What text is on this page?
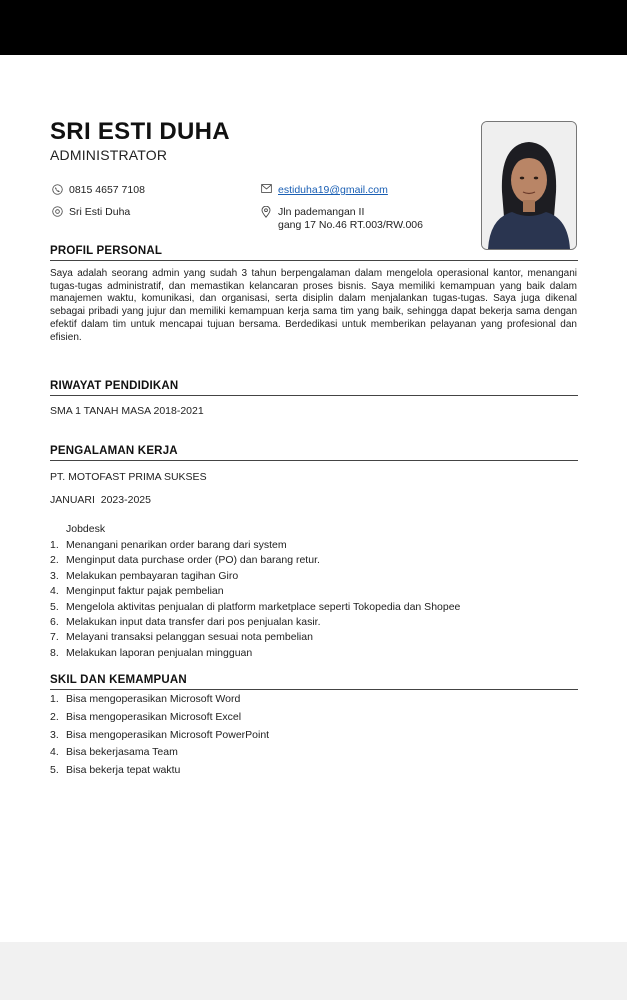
SRI ESTI DUHA
ADMINISTRATOR
0815 4657 7108
Sri Esti Duha
estiduha19@gmail.com
Jln pademangan II
gang 17 No.46 RT.003/RW.006
PROFIL PERSONAL
Saya adalah seorang admin yang sudah 3 tahun berpengalaman dalam mengelola operasional kantor, menangani tugas-tugas administratif, dan memastikan kelancaran proses bisnis. Saya memiliki kemampuan yang baik dalam manajemen waktu, komunikasi, dan organisasi, serta disiplin dalam menjalankan tugas-tugas. Saya juga dikenal sebagai pribadi yang jujur dan memiliki kemampuan kerja sama tim yang baik, sehingga dapat bekerja sama dengan efektif dalam tim untuk mencapai tujuan bersama. Berdedikasi untuk memberikan pelayanan yang profesional dan efisien.
RIWAYAT PENDIDIKAN
SMA 1 TANAH MASA 2018-2021
PENGALAMAN KERJA
PT. MOTOFAST PRIMA SUKSES
JANUARI  2023-2025
Jobdesk
1. Menangani penarikan order barang dari system
2. Menginput data purchase order (PO) dan barang retur.
3. Melakukan pembayaran tagihan Giro
4. Menginput faktur pajak pembelian
5. Mengelola aktivitas penjualan di platform marketplace seperti Tokopedia dan Shopee
6. Melakukan input data transfer dari pos penjualan kasir.
7. Melayani transaksi pelanggan sesuai nota pembelian
8. Melakukan laporan penjualan mingguan
SKIL DAN KEMAMPUAN
1. Bisa mengoperasikan Microsoft Word
2. Bisa mengoperasikan Microsoft Excel
3. Bisa mengoperasikan Microsoft PowerPoint
4. Bisa bekerjasama Team
5. Bisa bekerja tepat waktu
